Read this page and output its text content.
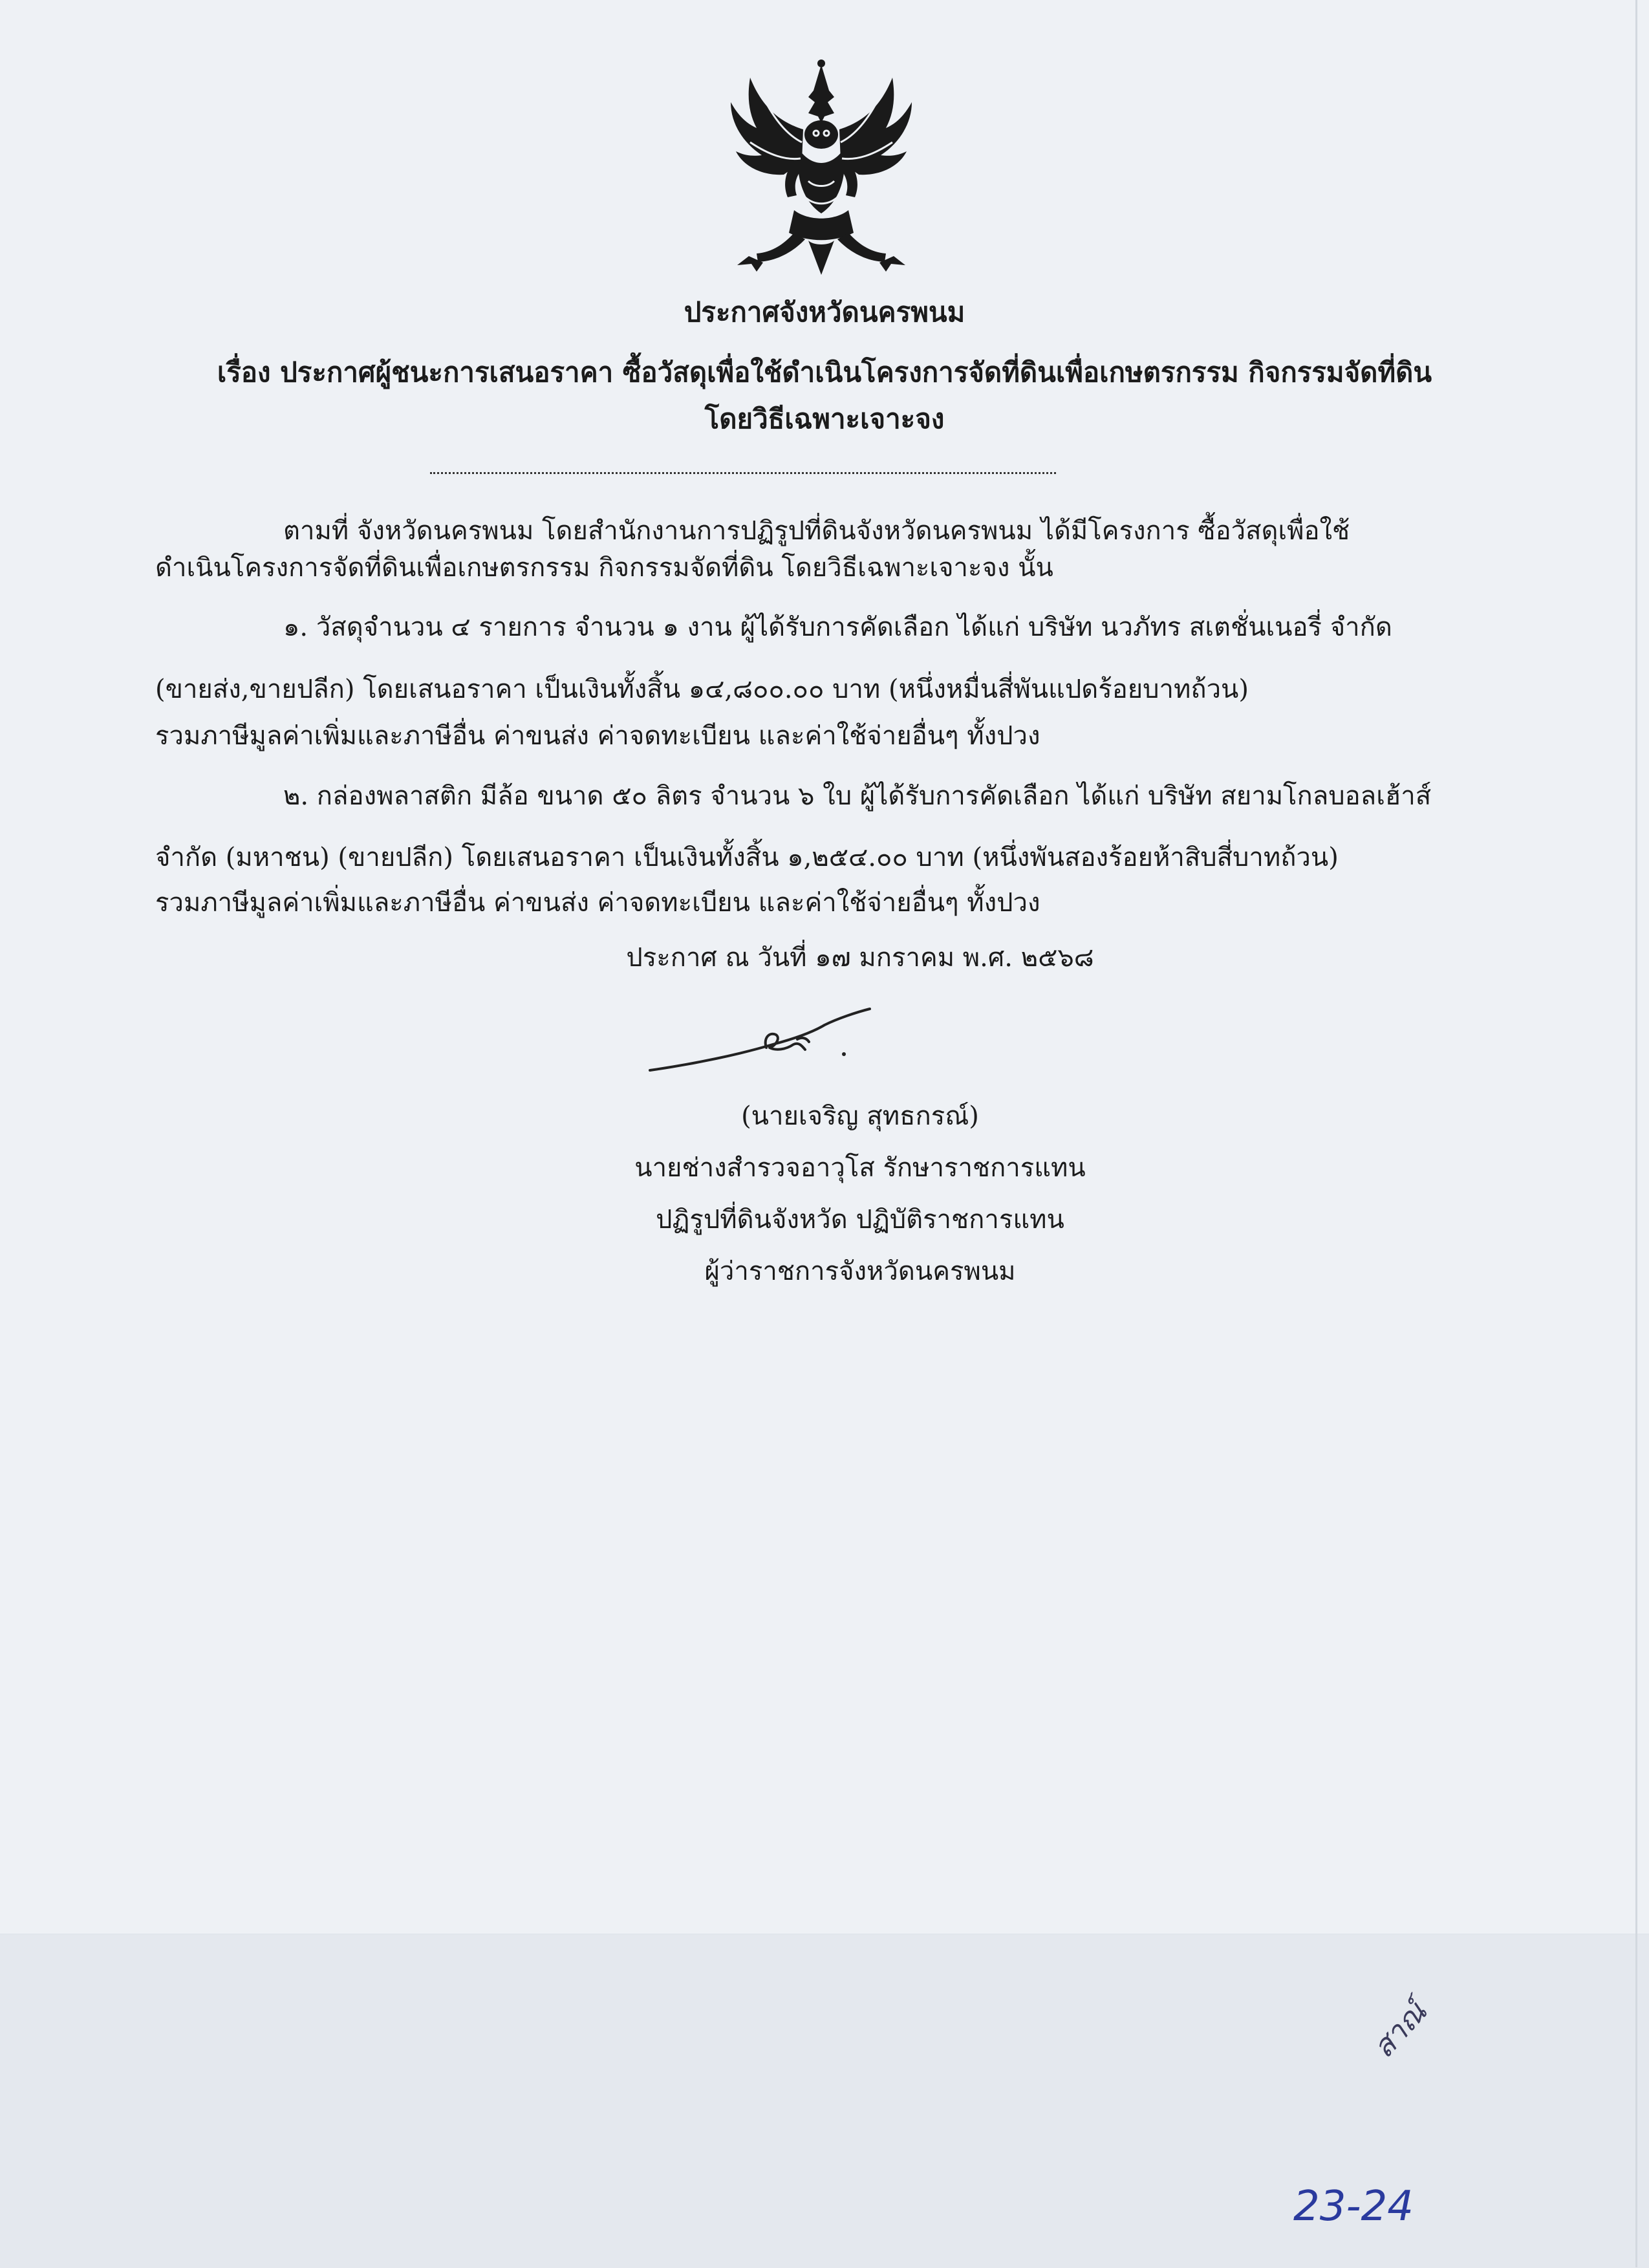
ประกาศจังหวัดนครพนม
เรื่อง ประกาศผู้ชนะการเสนอราคา ซื้อวัสดุเพื่อใช้ดำเนินโครงการจัดที่ดินเพื่อเกษตรกรรม กิจกรรมจัดที่ดิน
โดยวิธีเฉพาะเจาะจง
ตามที่ จังหวัดนครพนม โดยสำนักงานการปฏิรูปที่ดินจังหวัดนครพนม ได้มีโครงการ ซื้อวัสดุเพื่อใช้
ดำเนินโครงการจัดที่ดินเพื่อเกษตรกรรม กิจกรรมจัดที่ดิน โดยวิธีเฉพาะเจาะจง นั้น
๑. วัสดุจำนวน ๔ รายการ จำนวน ๑ งาน ผู้ได้รับการคัดเลือก ได้แก่ บริษัท นวภัทร สเตชั่นเนอรี่ จำกัด
(ขายส่ง,ขายปลีก) โดยเสนอราคา เป็นเงินทั้งสิ้น ๑๔,๘๐๐.๐๐ บาท (หนึ่งหมื่นสี่พันแปดร้อยบาทถ้วน)
รวมภาษีมูลค่าเพิ่มและภาษีอื่น ค่าขนส่ง ค่าจดทะเบียน และค่าใช้จ่ายอื่นๆ ทั้งปวง
๒. กล่องพลาสติก มีล้อ ขนาด ๕๐ ลิตร จำนวน ๖ ใบ ผู้ได้รับการคัดเลือก ได้แก่ บริษัท สยามโกลบอลเฮ้าส์
จำกัด (มหาชน) (ขายปลีก) โดยเสนอราคา เป็นเงินทั้งสิ้น ๑,๒๕๔.๐๐ บาท (หนึ่งพันสองร้อยห้าสิบสี่บาทถ้วน)
รวมภาษีมูลค่าเพิ่มและภาษีอื่น ค่าขนส่ง ค่าจดทะเบียน และค่าใช้จ่ายอื่นๆ ทั้งปวง
ประกาศ ณ วันที่ ๑๗ มกราคม พ.ศ. ๒๕๖๘
(นายเจริญ สุทธกรณ์)
นายช่างสำรวจอาวุโส รักษาราชการแทน
ปฏิรูปที่ดินจังหวัด ปฏิบัติราชการแทน
ผู้ว่าราชการจังหวัดนครพนม
สาณ์
23-24
